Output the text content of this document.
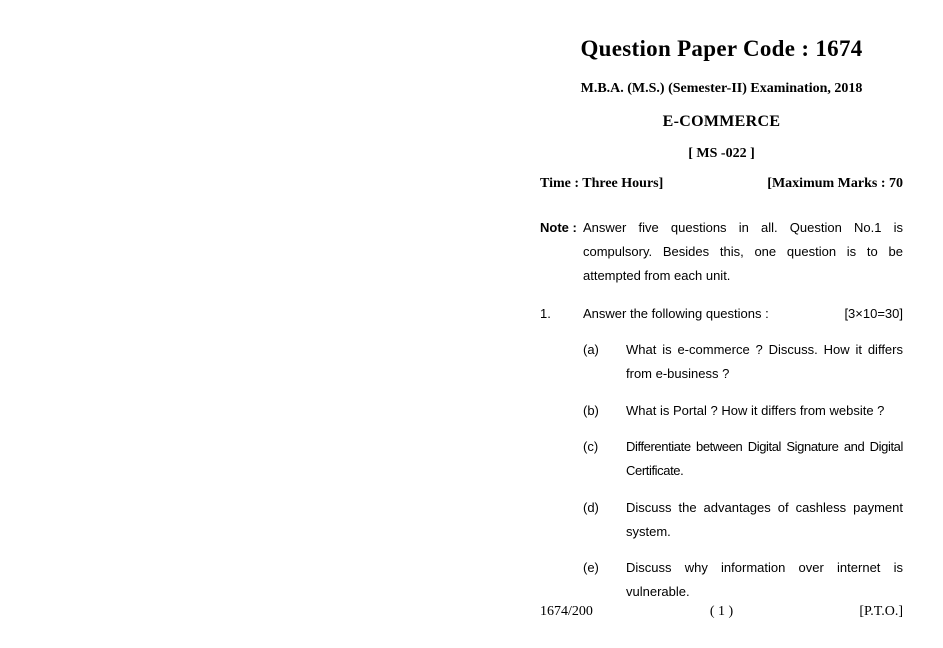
Question Paper Code : 1674
M.B.A. (M.S.) (Semester-II) Examination, 2018
E-COMMERCE
[ MS -022 ]
Time : Three Hours]	[Maximum Marks : 70
Note : Answer five questions in all. Question No.1 is compulsory. Besides this, one question is to be attempted from each unit.
1. Answer the following questions :	[3×10=30]
(a) What is e-commerce ? Discuss. How it differs from e-business ?
(b) What is Portal ? How it differs from website ?
(c) Differentiate between Digital Signature and Digital Certificate.
(d) Discuss the advantages of cashless payment system.
(e) Discuss why information over internet is vulnerable.
1674/200	( 1 )	[P.T.O.]
